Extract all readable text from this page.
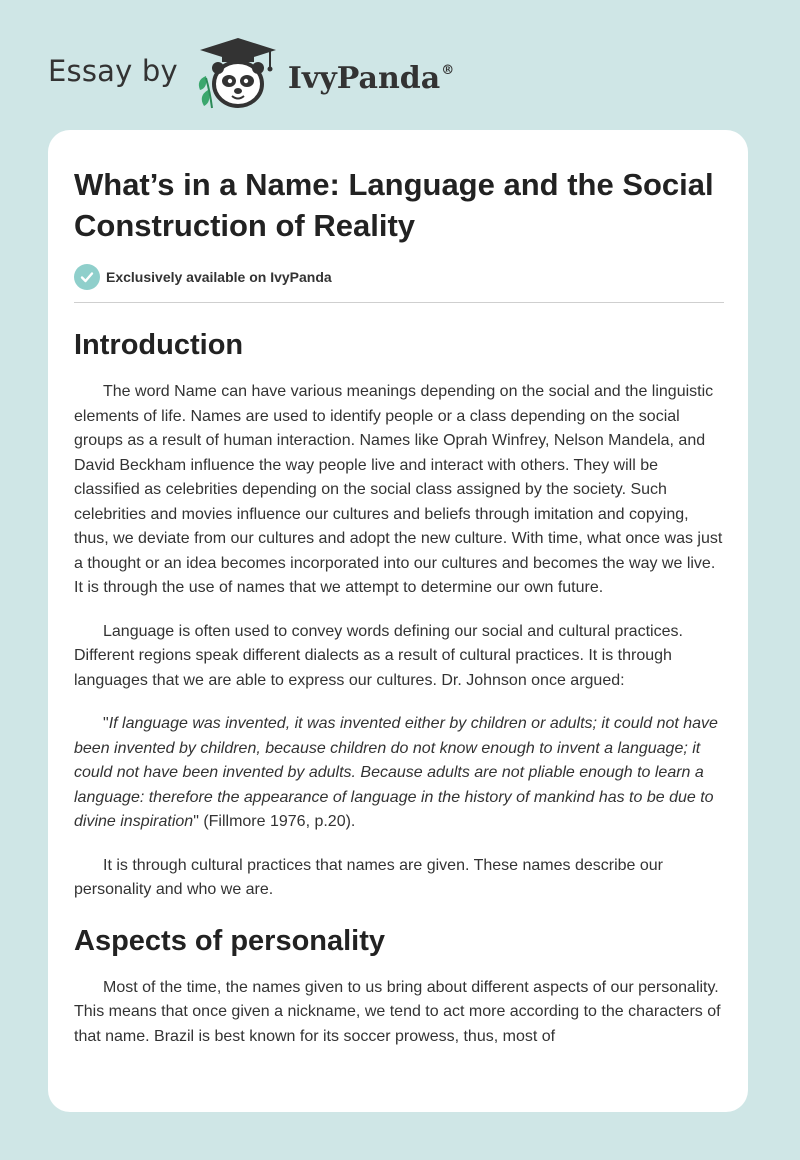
Essay by	IvyPanda®
What’s in a Name: Language and the Social Construction of Reality
Exclusively available on IvyPanda
Introduction

The word Name can have various meanings depending on the social and the linguistic elements of life. Names are used to identify people or a class depending on the social groups as a result of human interaction. Names like Oprah Winfrey, Nelson Mandela, and David Beckham influence the way people live and interact with others. They will be classified as celebrities depending on the social class assigned by the society. Such celebrities and movies influence our cultures and beliefs through imitation and copying, thus, we deviate from our cultures and adopt the new culture. With time, what once was just a thought or an idea becomes incorporated into our cultures and becomes the way we live. It is through the use of names that we attempt to determine our own future.

Language is often used to convey words defining our social and cultural practices. Different regions speak different dialects as a result of cultural practices. It is through languages that we are able to express our cultures. Dr. Johnson once argued:

"If language was invented, it was invented either by children or adults; it could not have been invented by children, because children do not know enough to invent a language; it could not have been invented by adults. Because adults are not pliable enough to learn a language: therefore the appearance of language in the history of mankind has to be due to divine inspiration" (Fillmore 1976, p.20).

It is through cultural practices that names are given. These names describe our personality and who we are.

Aspects of personality

Most of the time, the names given to us bring about different aspects of our personality. This means that once given a nickname, we tend to act more according to the characters of that name. Brazil is best known for its soccer prowess, thus, most of
